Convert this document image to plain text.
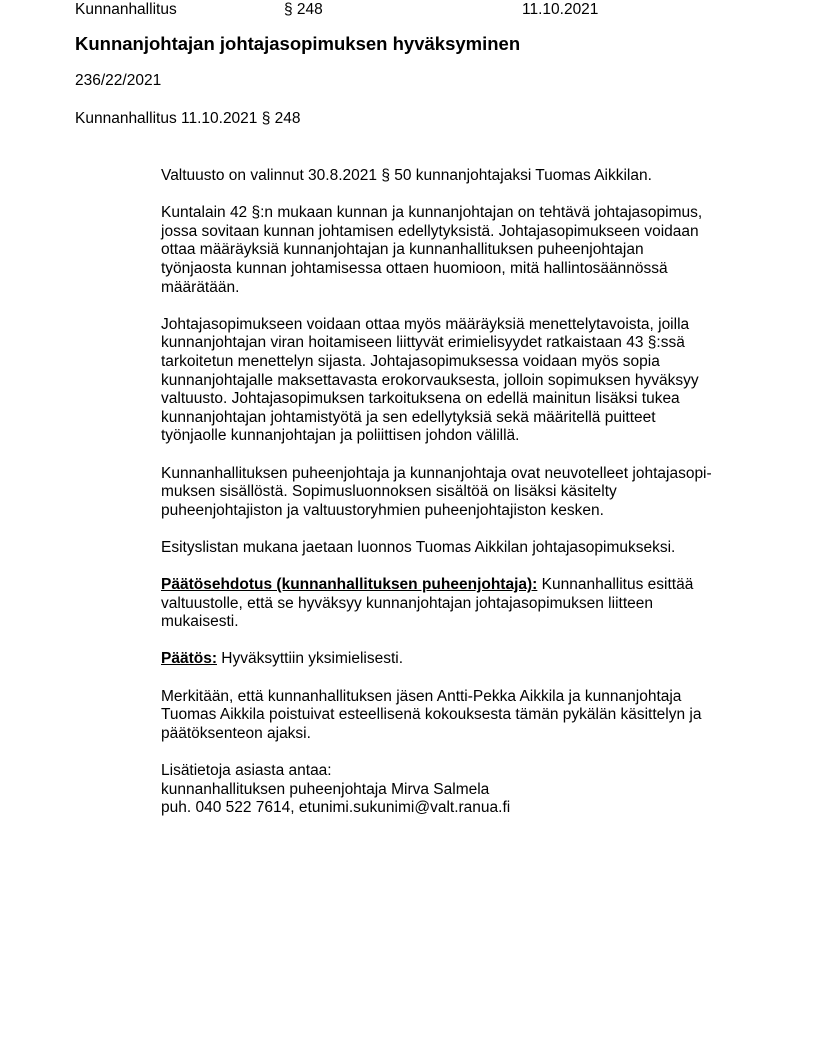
Kunnanhallitus	§ 248	11.10.2021
Kunnanjohtajan johtajasopimuksen hyväksyminen
236/22/2021
Kunnanhallitus 11.10.2021 § 248

Valtuusto on valinnut 30.8.2021 § 50 kunnanjohtajaksi Tuomas Aikkilan.

Kuntalain 42 §:n mukaan kunnan ja kunnanjohtajan on tehtävä johtajasopimus,
jossa sovitaan kunnan johtamisen edellytyksistä. Johtajasopimukseen voidaan
ottaa määräyksiä kunnanjohtajan ja kunnanhallituksen puheenjohtajan
työnjaosta kunnan johtamisessa ottaen huomioon, mitä hallintosäännössä
määrätään.

Johtajasopimukseen voidaan ottaa myös määräyksiä menettelytavoista, joilla
kunnanjohtajan viran hoitamiseen liittyvät erimielisyydet ratkaistaan 43 §:ssä
tarkoitetun menettelyn sijasta. Johtajasopimuksessa voidaan myös sopia
kunnanjohtajalle maksettavasta erokorvauksesta, jolloin sopimuksen hyväksyy
valtuusto. Johtajasopimuksen tarkoituksena on edellä mainitun lisäksi tukea
kunnanjohtajan johtamistyötä ja sen edellytyksiä sekä määritellä puitteet
työnjaolle kunnanjohtajan ja poliittisen johdon välillä.

Kunnanhallituksen puheenjohtaja ja kunnanjohtaja ovat neuvotelleet johtajasopi-
muksen sisällöstä. Sopimusluonnoksen sisältöä on lisäksi käsitelty
puheenjohtajiston ja valtuustoryhmien puheenjohtajiston kesken.

Esityslistan mukana jaetaan luonnos Tuomas Aikkilan johtajasopimukseksi.

Päätösehdotus (kunnanhallituksen puheenjohtaja): Kunnanhallitus esittää
valtuustolle, että se hyväksyy kunnanjohtajan johtajasopimuksen liitteen
mukaisesti.

Päätös: Hyväksyttiin yksimielisesti.

Merkitään, että kunnanhallituksen jäsen Antti-Pekka Aikkila ja kunnanjohtaja
Tuomas Aikkila poistuivat esteellisenä kokouksesta tämän pykälän käsittelyn ja
päätöksenteon ajaksi.

Lisätietoja asiasta antaa:
kunnanhallituksen puheenjohtaja Mirva Salmela
puh. 040 522 7614, etunimi.sukunimi@valt.ranua.fi
